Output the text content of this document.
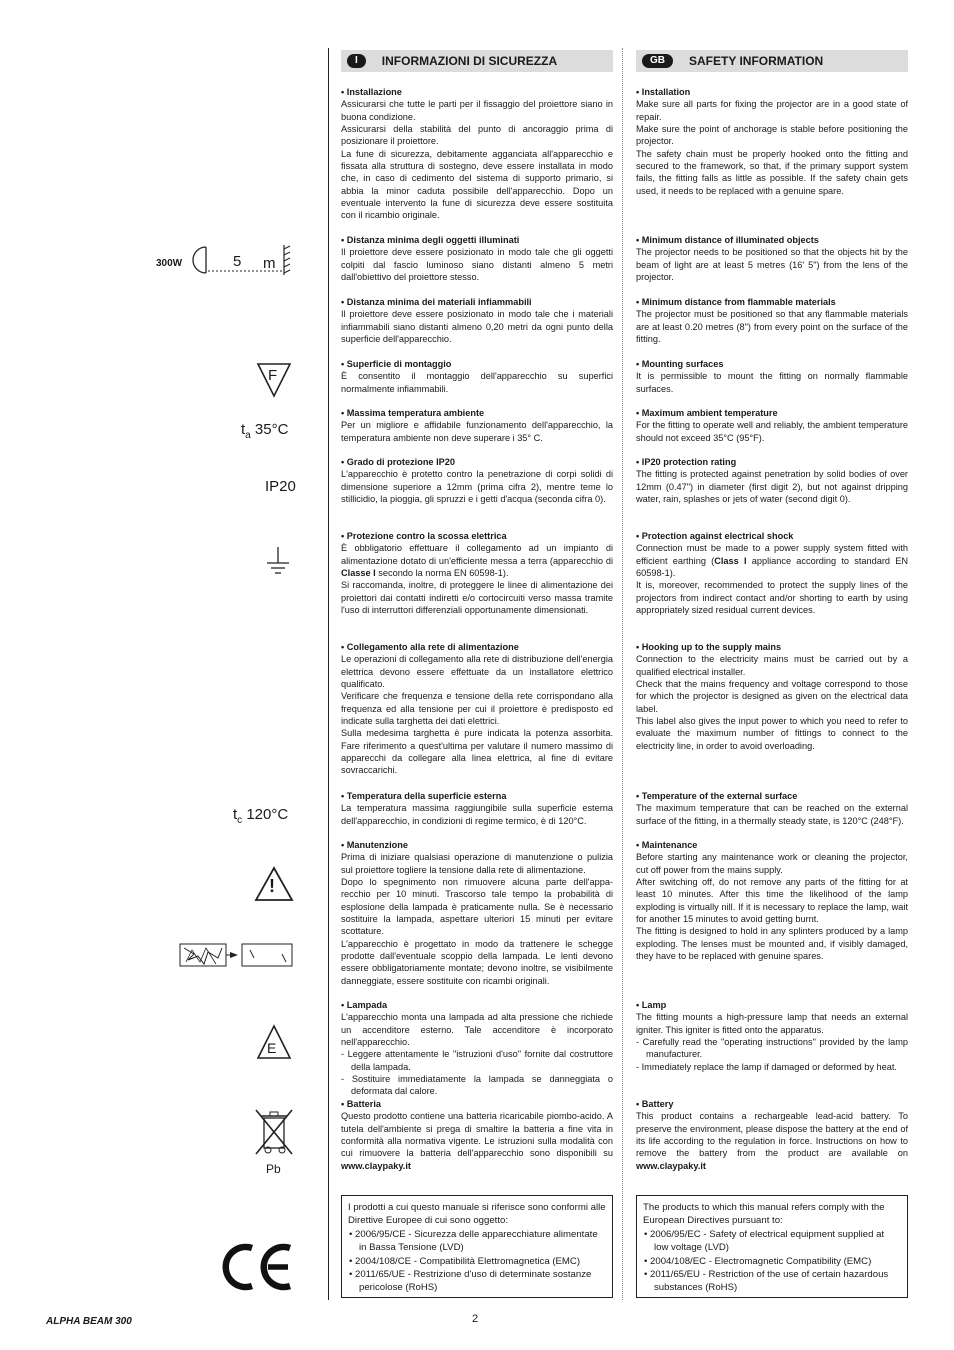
300W	5 m
F
$t_a$ 35°C
IP20
$t_c$ 120°C
!
E
Pb
I	INFORMAZIONI DI SICUREZZA
• Installazione

Assicurarsi che tutte le parti per il fissaggio del proiettore siano in buona condizione.

Assicurarsi della stabilità del punto di ancoraggio prima di posizionare il proiettore.

La fune di sicurezza, debitamente agganciata all'apparecchio e fissata alla struttura di sostegno, deve essere installata in modo che, in caso di cedimento del sistema di supporto primario, si abbia la minor caduta possibile dell'apparecchio. Dopo un eventuale intervento la fune di sicurezza deve essere sostituita con il ricambio originale.

• Distanza minima degli oggetti illuminati

Il proiettore deve essere posizionato in modo tale che gli oggetti colpiti dal fascio luminoso siano distanti almeno 5 metri dall'obiettivo del proiettore stesso.

• Distanza minima dei materiali infiammabili

Il proiettore deve essere posizionato in modo tale che i materiali infiammabili siano distanti almeno 0,20 metri da ogni punto della superficie dell'apparecchio.

• Superficie di montaggio

È consentito il montaggio dell'apparecchio su superfici normalmente infiammabili.

• Massima temperatura ambiente

Per un migliore e affidabile funzionamento dell'apparecchio, la temperatura ambiente non deve superare i 35° C.

• Grado di protezione IP20

L'apparecchio è protetto contro la penetrazione di corpi solidi di dimensione superiore a 12mm (prima cifra 2), mentre teme lo stillicidio, la pioggia, gli spruzzi e i getti d'acqua (seconda cifra 0).

• Protezione contro la scossa elettrica

È obbligatorio effettuare il collegamento ad un impianto di alimentazione dotato di un'efficiente messa a terra (apparecchio di Classe I secondo la norma EN 60598-1).

Si raccomanda, inoltre, di proteggere le linee di alimentazione dei proiettori dai contatti indiretti e/o cortocircuiti verso massa tramite l'uso di interruttori differenziali opportunamente dimensionati.

• Collegamento alla rete di alimentazione

Le operazioni di collegamento alla rete di distribuzione dell'energia elettrica devono essere effettuate da un installatore elettrico qualificato.

Verificare che frequenza e tensione della rete corrispondano alla frequenza ed alla tensione per cui il proiettore è predisposto ed indicate sulla targhetta dei dati elettrici.

Sulla medesima targhetta è pure indicata la potenza assorbita. Fare riferimento a quest'ultima per valutare il numero massimo di apparecchi da collegare alla linea elettrica, al fine di evitare sovraccarichi.

• Temperatura della superficie esterna

La temperatura massima raggiungibile sulla superficie esterna dell'apparecchio, in condizioni di regime termico, è di 120°C.

• Manutenzione

Prima di iniziare qualsiasi operazione di manutenzione o pulizia sul proiettore togliere la tensione dalla rete di alimentazione.

Dopo lo spegnimento non rimuovere alcuna parte dell'appa-recchio per 10 minuti. Trascorso tale tempo la probabilità di esplosione della lampada è praticamente nulla. Se è necessario sostituire la lampada, aspettare ulteriori 15 minuti per evitare scottature.

L'apparecchio è progettato in modo da trattenere le schegge prodotte dall'eventuale scoppio della lampada. Le lenti devono essere obbligatoriamente montate; devono inoltre, se visibilmente danneggiate, essere sostituite con ricambi originali.

• Lampada

L'apparecchio monta una lampada ad alta pressione che richiede un accenditore esterno. Tale accenditore è incorporato nell'apparecchio.

- Leggere attentamente le "istruzioni d'uso" fornite dal costruttore della lampada.
- Sostituire immediatamente la lampada se danneggiata o deformata dal calore.
• Batteria

Questo prodotto contiene una batteria ricaricabile piombo-acido. A tutela dell'ambiente si prega di smaltire la batteria a fine vita in conformità alla normativa vigente. Le istruzioni sulla modalità con cui rimuovere la batteria dell'apparecchio sono disponibili su www.claypaky.it

I prodotti a cui questo manuale si riferisce sono conformi alle Direttive Europee di cui sono oggetto:
• 2006/95/CE - Sicurezza delle apparecchiature alimentate in Bassa Tensione (LVD)
• 2004/108/CE - Compatibilità Elettromagnetica (EMC)
• 2011/65/UE - Restrizione d'uso di determinate sostanze pericolose (RoHS)
GB	SAFETY INFORMATION
• Installation

Make sure all parts for fixing the projector are in a good state of repair.

Make sure the point of anchorage is stable before positioning the projector.

The safety chain must be properly hooked onto the fitting and secured to the framework, so that, if the primary support system fails, the fitting falls as little as possible. If the safety chain gets used, it needs to be replaced with a genuine spare.

• Minimum distance of illuminated objects

The projector needs to be positioned so that the objects hit by the beam of light are at least 5 metres (16' 5") from the lens of the projector.

• Minimum distance from flammable materials

The projector must be positioned so that any flammable materials are at least 0.20 metres (8") from every point on the surface of the fitting.

• Mounting surfaces

It is permissible to mount the fitting on normally flammable surfaces.

• Maximum ambient temperature

For the fitting to operate well and reliably, the ambient temperature should not exceed 35°C (95°F).

• IP20 protection rating

The fitting is protected against penetration by solid bodies of over 12mm (0.47") in diameter (first digit 2), but not against dripping water, rain, splashes or jets of water (second digit 0).

• Protection against electrical shock

Connection must be made to a power supply system fitted with efficient earthing (Class I appliance according to standard EN 60598-1).

It is, moreover, recommended to protect the supply lines of the projectors from indirect contact and/or shorting to earth by using appropriately sized residual current devices.

• Hooking up to the supply mains

Connection to the electricity mains must be carried out by a qualified electrical installer.

Check that the mains frequency and voltage correspond to those for which the projector is designed as given on the electrical data label.

This label also gives the input power to which you need to refer to evaluate the maximum number of fittings to connect to the electricity line, in order to avoid overloading.

• Temperature of the external surface

The maximum temperature that can be reached on the external surface of the fitting, in a thermally steady state, is 120°C (248°F).

• Maintenance

Before starting any maintenance work or cleaning the projector, cut off power from the mains supply.

After switching off, do not remove any parts of the fitting for at least 10 minutes. After this time the likelihood of the lamp exploding is virtually nill. If it is necessary to replace the lamp, wait for another 15 minutes to avoid getting burnt.

The fitting is designed to hold in any splinters produced by a lamp exploding. The lenses must be mounted and, if visibly damaged, they have to be replaced with genuine spares.

• Lamp

The fitting mounts a high-pressure lamp that needs an external igniter. This igniter is fitted onto the apparatus.

- Carefully read the "operating instructions" provided by the lamp manufacturer.
- Immediately replace the lamp if damaged or deformed by heat.
• Battery

This product contains a rechargeable lead-acid battery. To preserve the environment, please dispose the battery at the end of its life according to the regulation in force. Instructions on how to remove the battery from the product are available on www.claypaky.it

The products to which this manual refers comply with the European Directives pursuant to:
• 2006/95/EC - Safety of electrical equipment supplied at low voltage (LVD)
• 2004/108/EC - Electromagnetic Compatibility (EMC)
• 2011/65/EU - Restriction of the use of certain hazardous substances (RoHS)
ALPHA BEAM 300	2
